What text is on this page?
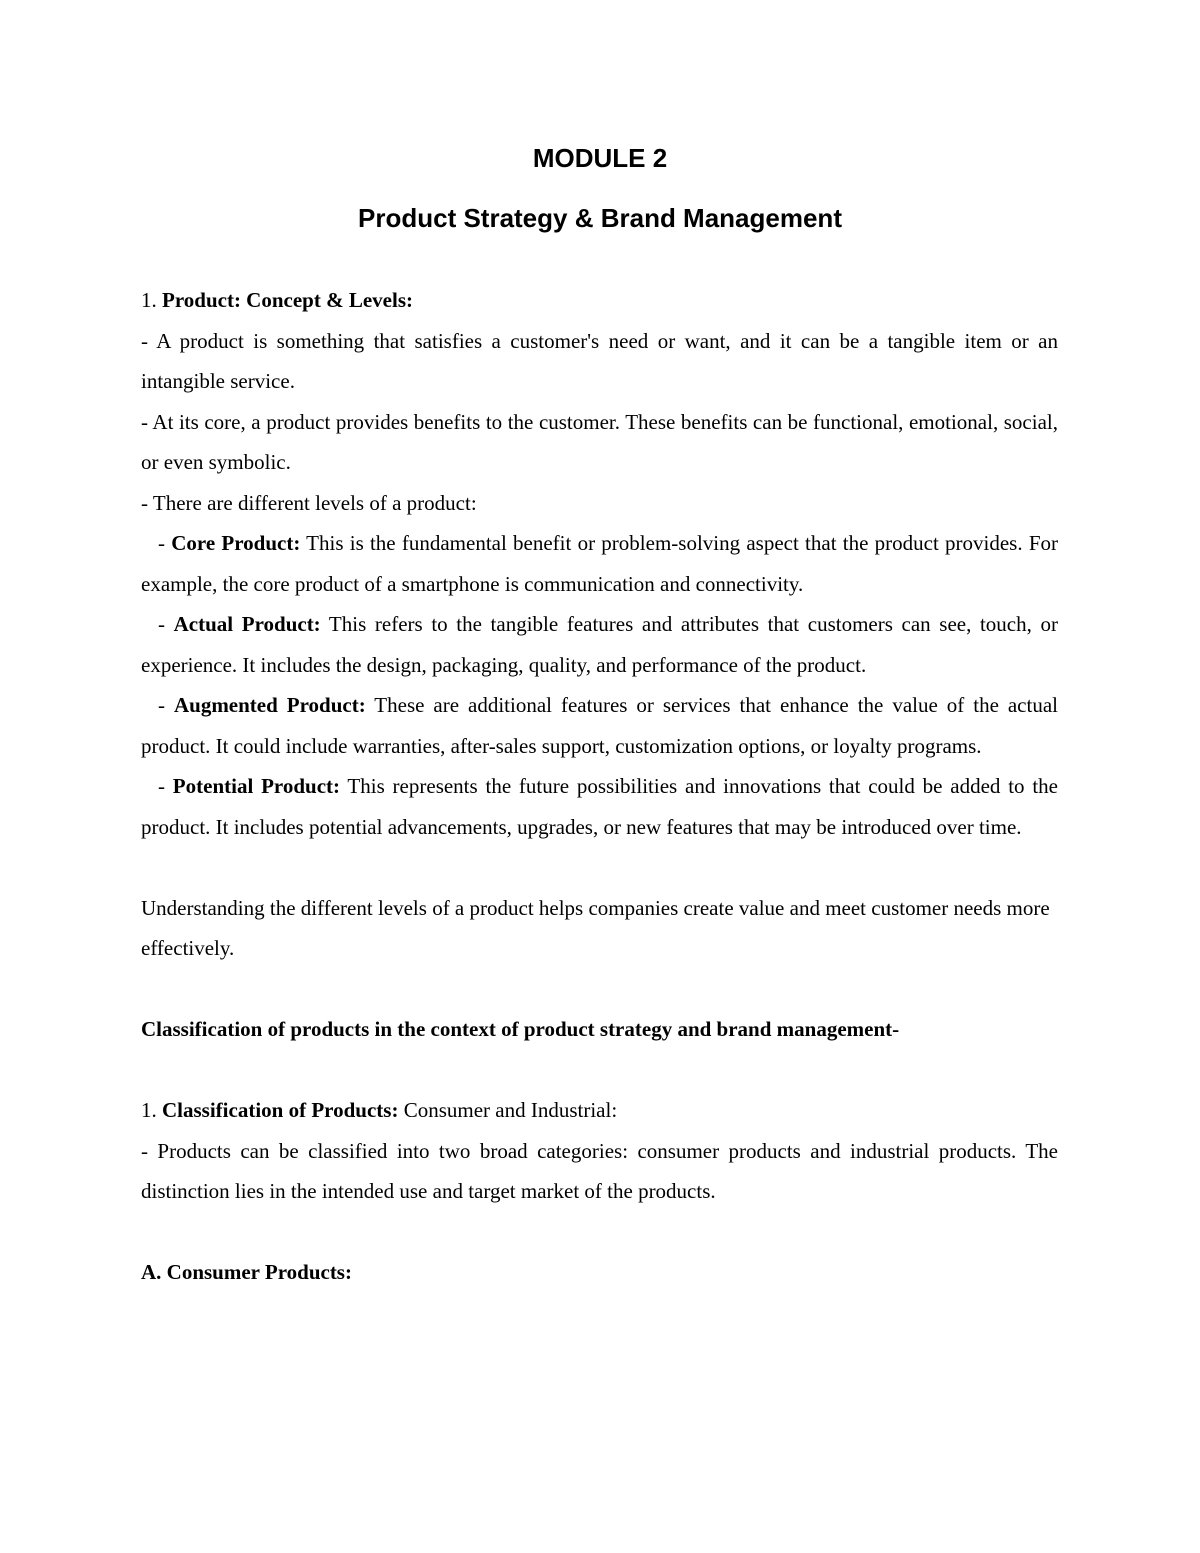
MODULE 2
Product Strategy & Brand Management

1. Product: Concept & Levels:

- A product is something that satisfies a customer's need or want, and it can be a tangible item or an intangible service.

- At its core, a product provides benefits to the customer. These benefits can be functional, emotional, social, or even symbolic.

- There are different levels of a product:

- Core Product: This is the fundamental benefit or problem-solving aspect that the product provides. For example, the core product of a smartphone is communication and connectivity.

- Actual Product: This refers to the tangible features and attributes that customers can see, touch, or experience. It includes the design, packaging, quality, and performance of the product.

- Augmented Product: These are additional features or services that enhance the value of the actual product. It could include warranties, after-sales support, customization options, or loyalty programs.

- Potential Product: This represents the future possibilities and innovations that could be added to the product. It includes potential advancements, upgrades, or new features that may be introduced over time.

Understanding the different levels of a product helps companies create value and meet customer needs more effectively.

Classification of products in the context of product strategy and brand management-

1. Classification of Products: Consumer and Industrial:

- Products can be classified into two broad categories: consumer products and industrial products. The distinction lies in the intended use and target market of the products.

A. Consumer Products:
